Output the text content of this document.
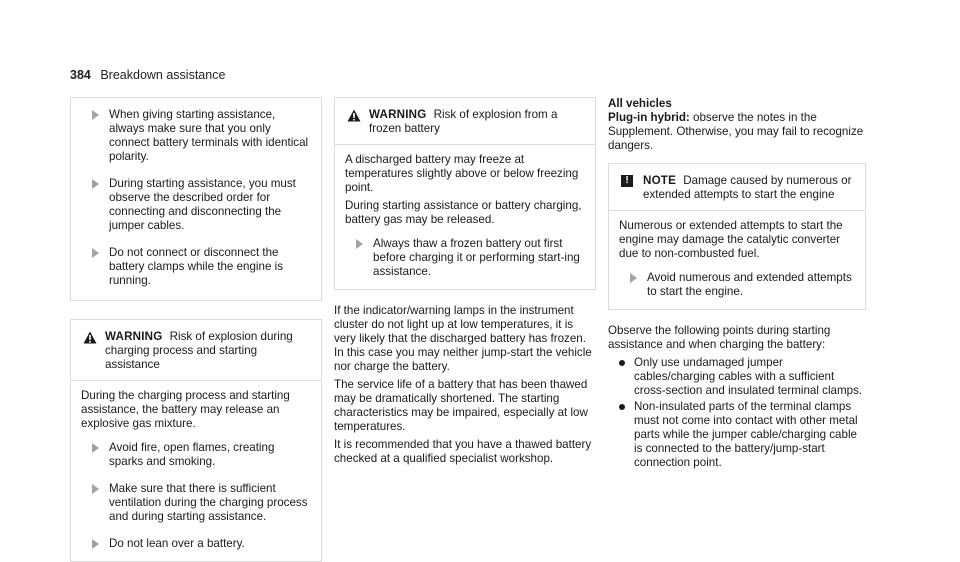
384 Breakdown assistance
When giving starting assistance, always make sure that you only connect battery terminals with identical polarity.
During starting assistance, you must observe the described order for connecting and disconnecting the jumper cables.
Do not connect or disconnect the battery clamps while the engine is running.
WARNING Risk of explosion during charging process and starting assistance

During the charging process and starting assistance, the battery may release an explosive gas mixture.

Avoid fire, open flames, creating sparks and smoking.
Make sure that there is sufficient ventilation during the charging process and during starting assistance.
Do not lean over a battery.
WARNING Risk of explosion from a frozen battery

A discharged battery may freeze at temperatures slightly above or below freezing point.

During starting assistance or battery charging, battery gas may be released.

Always thaw a frozen battery out first before charging it or performing start-ing assistance.

If the indicator/warning lamps in the instrument cluster do not light up at low temperatures, it is very likely that the discharged battery has frozen. In this case you may neither jump-start the vehicle nor charge the battery.

The service life of a battery that has been thawed may be dramatically shortened. The starting characteristics may be impaired, especially at low temperatures.

It is recommended that you have a thawed battery checked at a qualified specialist workshop.

All vehicles

Plug-in hybrid: observe the notes in the Supplement. Otherwise, you may fail to recognize dangers.

!	NOTE Damage caused by numerous or extended attempts to start the engine

Numerous or extended attempts to start the engine may damage the catalytic converter due to non-combusted fuel.

Avoid numerous and extended attempts to start the engine.

Observe the following points during starting assistance and when charging the battery:

Only use undamaged jumper cables/charging cables with a sufficient cross-section and insulated terminal clamps.
Non-insulated parts of the terminal clamps must not come into contact with other metal parts while the jumper cable/charging cable is connected to the battery/jump-start connection point.
